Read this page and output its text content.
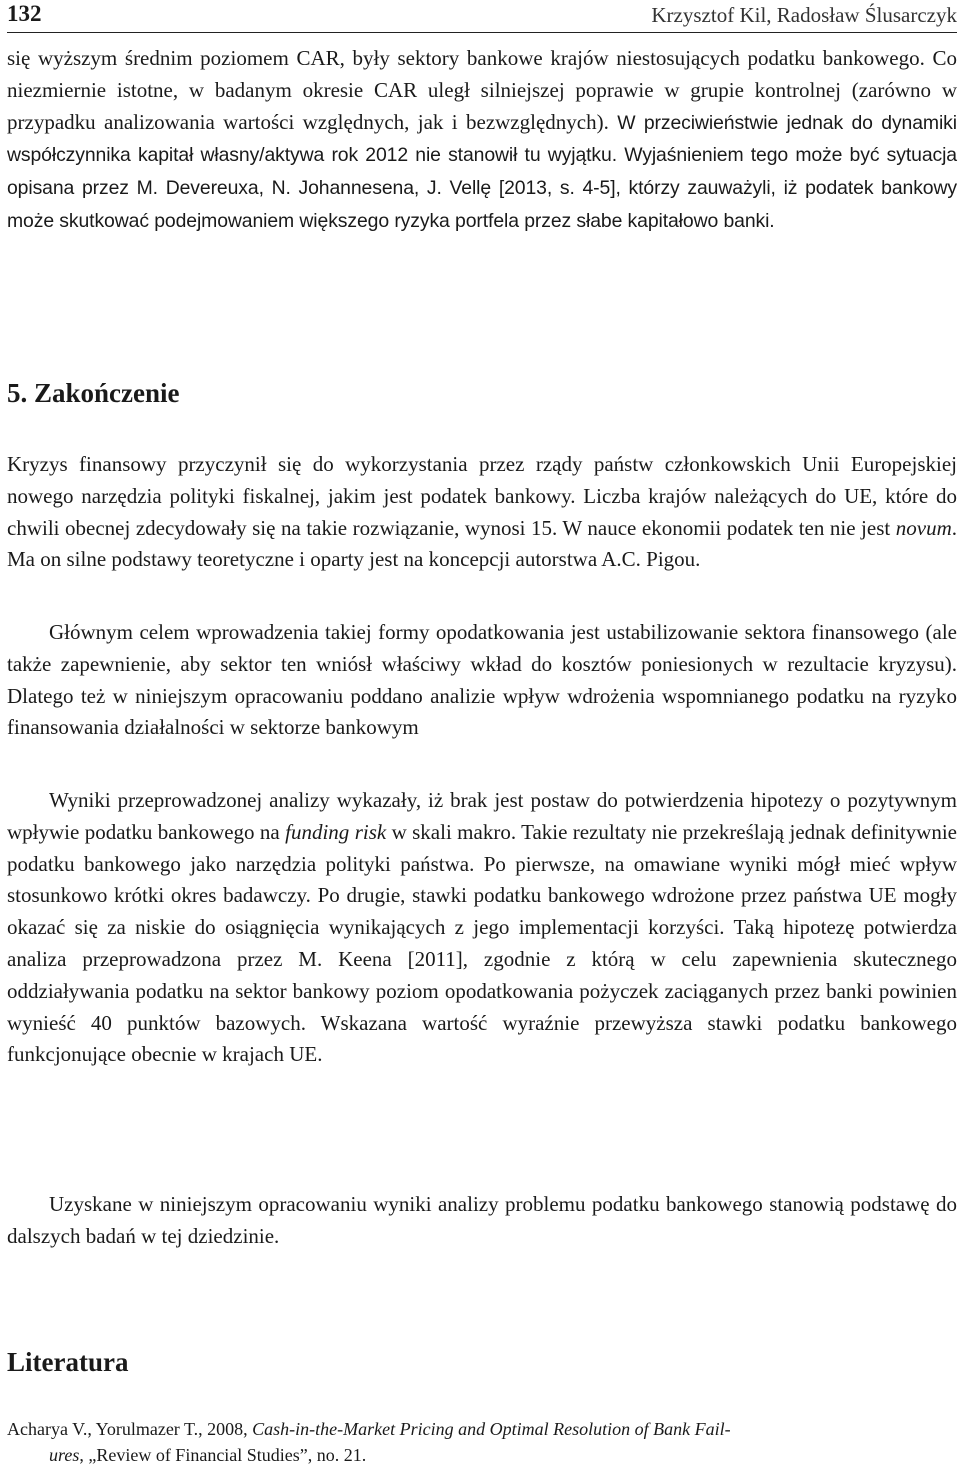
132	Krzysztof Kil, Radosław Ślusarczyk

się wyższym średnim poziomem CAR, były sektory bankowe krajów niestosujących podatku bankowego. Co niezmiernie istotne, w badanym okresie CAR uległ silniejszej poprawie w grupie kontrolnej (zarówno w przypadku analizowania wartości względnych, jak i bezwzględnych). W przeciwieństwie jednak do dynamiki współczynnika kapitał własny/aktywa rok 2012 nie stanowił tu wyjątku. Wyjaśnieniem tego może być sytuacja opisana przez M. Devereuxa, N. Johannesena, J. Vellę [2013, s. 4-5], którzy zauważyli, iż podatek bankowy może skutkować podejmowaniem większego ryzyka portfela przez słabe kapitałowo banki.

5. Zakończenie

Kryzys finansowy przyczynił się do wykorzystania przez rządy państw członkowskich Unii Europejskiej nowego narzędzia polityki fiskalnej, jakim jest podatek bankowy. Liczba krajów należących do UE, które do chwili obecnej zdecydowały się na takie rozwiązanie, wynosi 15. W nauce ekonomii podatek ten nie jest novum. Ma on silne podstawy teoretyczne i oparty jest na koncepcji autorstwa A.C. Pigou.

Głównym celem wprowadzenia takiej formy opodatkowania jest ustabilizowanie sektora finansowego (ale także zapewnienie, aby sektor ten wniósł właściwy wkład do kosztów poniesionych w rezultacie kryzysu). Dlatego też w niniejszym opracowaniu poddano analizie wpływ wdrożenia wspomnianego podatku na ryzyko finansowania działalności w sektorze bankowym

Wyniki przeprowadzonej analizy wykazały, iż brak jest postaw do potwierdzenia hipotezy o pozytywnym wpływie podatku bankowego na funding risk w skali makro. Takie rezultaty nie przekreślają jednak definitywnie podatku bankowego jako narzędzia polityki państwa. Po pierwsze, na omawiane wyniki mógł mieć wpływ stosunkowo krótki okres badawczy. Po drugie, stawki podatku bankowego wdrożone przez państwa UE mogły okazać się za niskie do osiągnięcia wynikających z jego implementacji korzyści. Taką hipotezę potwierdza analiza przeprowadzona przez M. Keena [2011], zgodnie z którą w celu zapewnienia skutecznego oddziaływania podatku na sektor bankowy poziom opodatkowania pożyczek zaciąganych przez banki powinien wynieść 40 punktów bazowych. Wskazana wartość wyraźnie przewyższa stawki podatku bankowego funkcjonujące obecnie w krajach UE.

Uzyskane w niniejszym opracowaniu wyniki analizy problemu podatku bankowego stanowią podstawę do dalszych badań w tej dziedzinie.

Literatura

Acharya V., Yorulmazer T., 2008, Cash-in-the-Market Pricing and Optimal Resolution of Bank Fail-
ures, „Review of Financial Studies”, no. 21.
